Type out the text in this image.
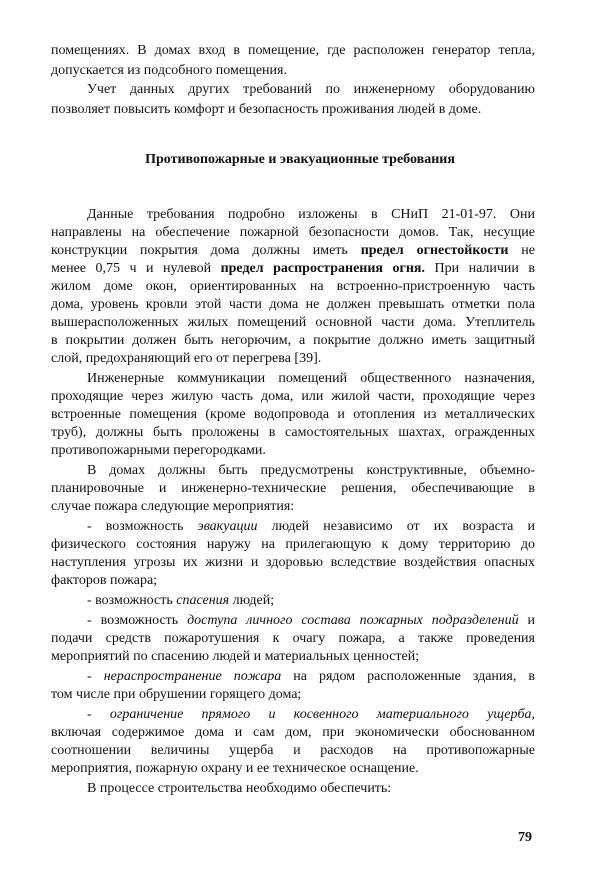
помещениях. В домах вход в помещение, где расположен генератор тепла,
допускается из подсобного помещения.
Учет данных других требований по инженерному оборудованию
позволяет повысить комфорт и безопасность проживания людей в доме.
Противопожарные и эвакуационные требования
Данные требования подробно изложены в СНиП 21-01-97. Они
направлены на обеспечение пожарной безопасности домов. Так, несущие
конструкции покрытия дома должны иметь предел огнестойкости не
менее 0,75 ч и нулевой предел распространения огня. При наличии в
жилом доме окон, ориентированных на встроенно-пристроенную часть
дома, уровень кровли этой части дома не должен превышать отметки пола
вышерасположенных жилых помещений основной части дома. Утеплитель
в покрытии должен быть негорючим, а покрытие должно иметь защитный
слой, предохраняющий его от перегрева [39].
Инженерные коммуникации помещений общественного назначения,
проходящие через жилую часть дома, или жилой части, проходящие через
встроенные помещения (кроме водопровода и отопления из металлических
труб), должны быть проложены в самостоятельных шахтах, огражденных
противопожарными перегородками.
В домах должны быть предусмотрены конструктивные, объемно-
планировочные и инженерно-технические решения, обеспечивающие в
случае пожара следующие мероприятия:
- возможность эвакуации людей независимо от их возраста и
физического состояния наружу на прилегающую к дому территорию до
наступления угрозы их жизни и здоровью вследствие воздействия опасных
факторов пожара;
- возможность спасения людей;
- возможность доступа личного состава пожарных подразделений и
подачи средств пожаротушения к очагу пожара, а также проведения
мероприятий по спасению людей и материальных ценностей;
- нераспространение пожара на рядом расположенные здания, в
том числе при обрушении горящего дома;
- ограничение прямого и косвенного материального ущерба,
включая содержимое дома и сам дом, при экономически обоснованном
соотношении величины ущерба и расходов на противопожарные
мероприятия, пожарную охрану и ее техническое оснащение.
В процессе строительства необходимо обеспечить:
79
